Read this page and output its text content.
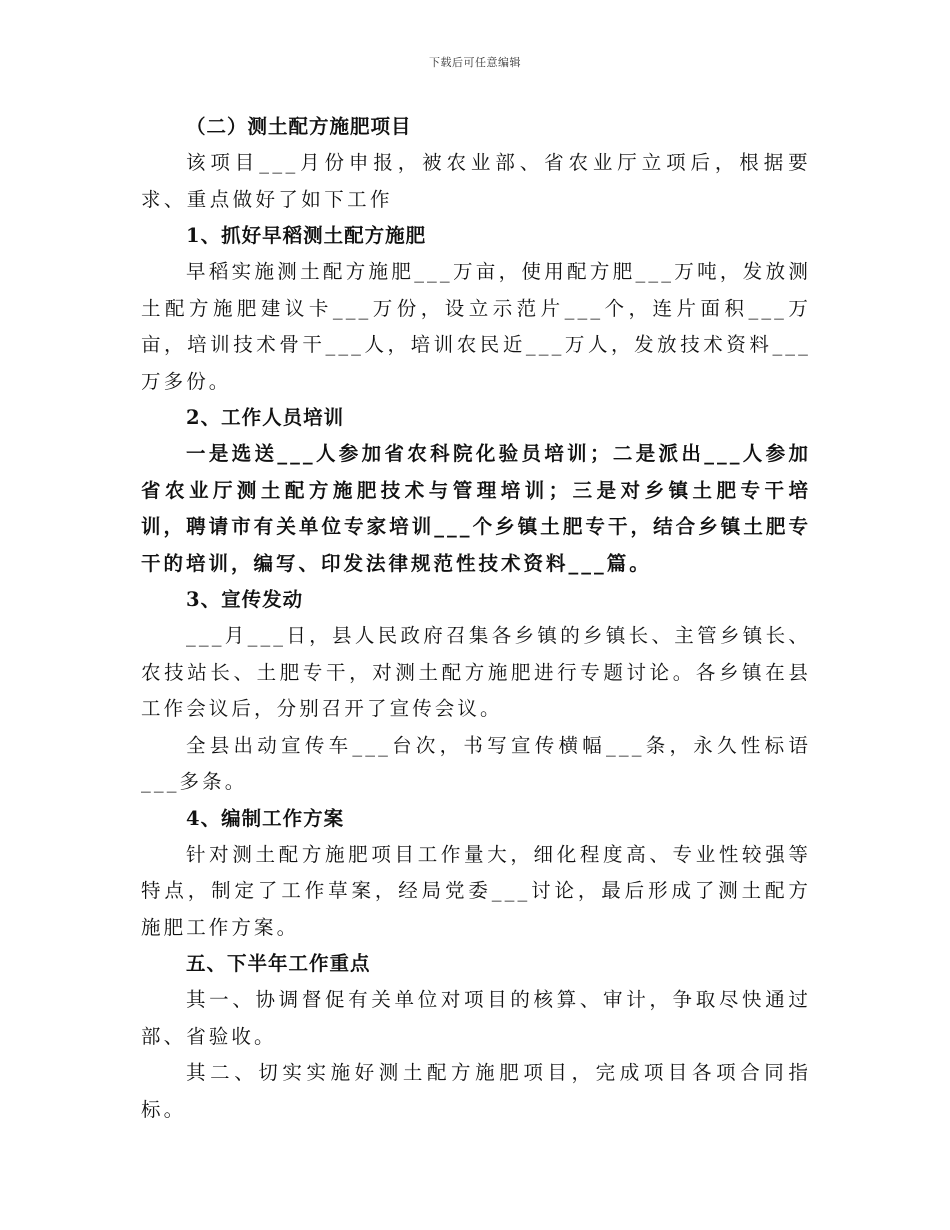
下载后可任意编辑

（二）测土配方施肥项目

该项目___月份申报，被农业部、省农业厅立项后，根据要求、重点做好了如下工作

1、抓好早稻测土配方施肥

早稻实施测土配方施肥___万亩，使用配方肥___万吨，发放测土配方施肥建议卡___万份，设立示范片___个，连片面积___万亩，培训技术骨干___人，培训农民近___万人，发放技术资料___万多份。

2、工作人员培训

一是选送___人参加省农科院化验员培训；二是派出___人参加省农业厅测土配方施肥技术与管理培训；三是对乡镇土肥专干培训，聘请市有关单位专家培训___个乡镇土肥专干，结合乡镇土肥专干的培训，编写、印发法律规范性技术资料___篇。

3、宣传发动

___月___日，县人民政府召集各乡镇的乡镇长、主管乡镇长、农技站长、土肥专干，对测土配方施肥进行专题讨论。各乡镇在县工作会议后，分别召开了宣传会议。

全县出动宣传车___台次，书写宣传横幅___条，永久性标语___多条。

4、编制工作方案

针对测土配方施肥项目工作量大，细化程度高、专业性较强等特点，制定了工作草案，经局党委___讨论，最后形成了测土配方施肥工作方案。

五、下半年工作重点

其一、协调督促有关单位对项目的核算、审计，争取尽快通过部、省验收。

其二、切实实施好测土配方施肥项目，完成项目各项合同指标。
